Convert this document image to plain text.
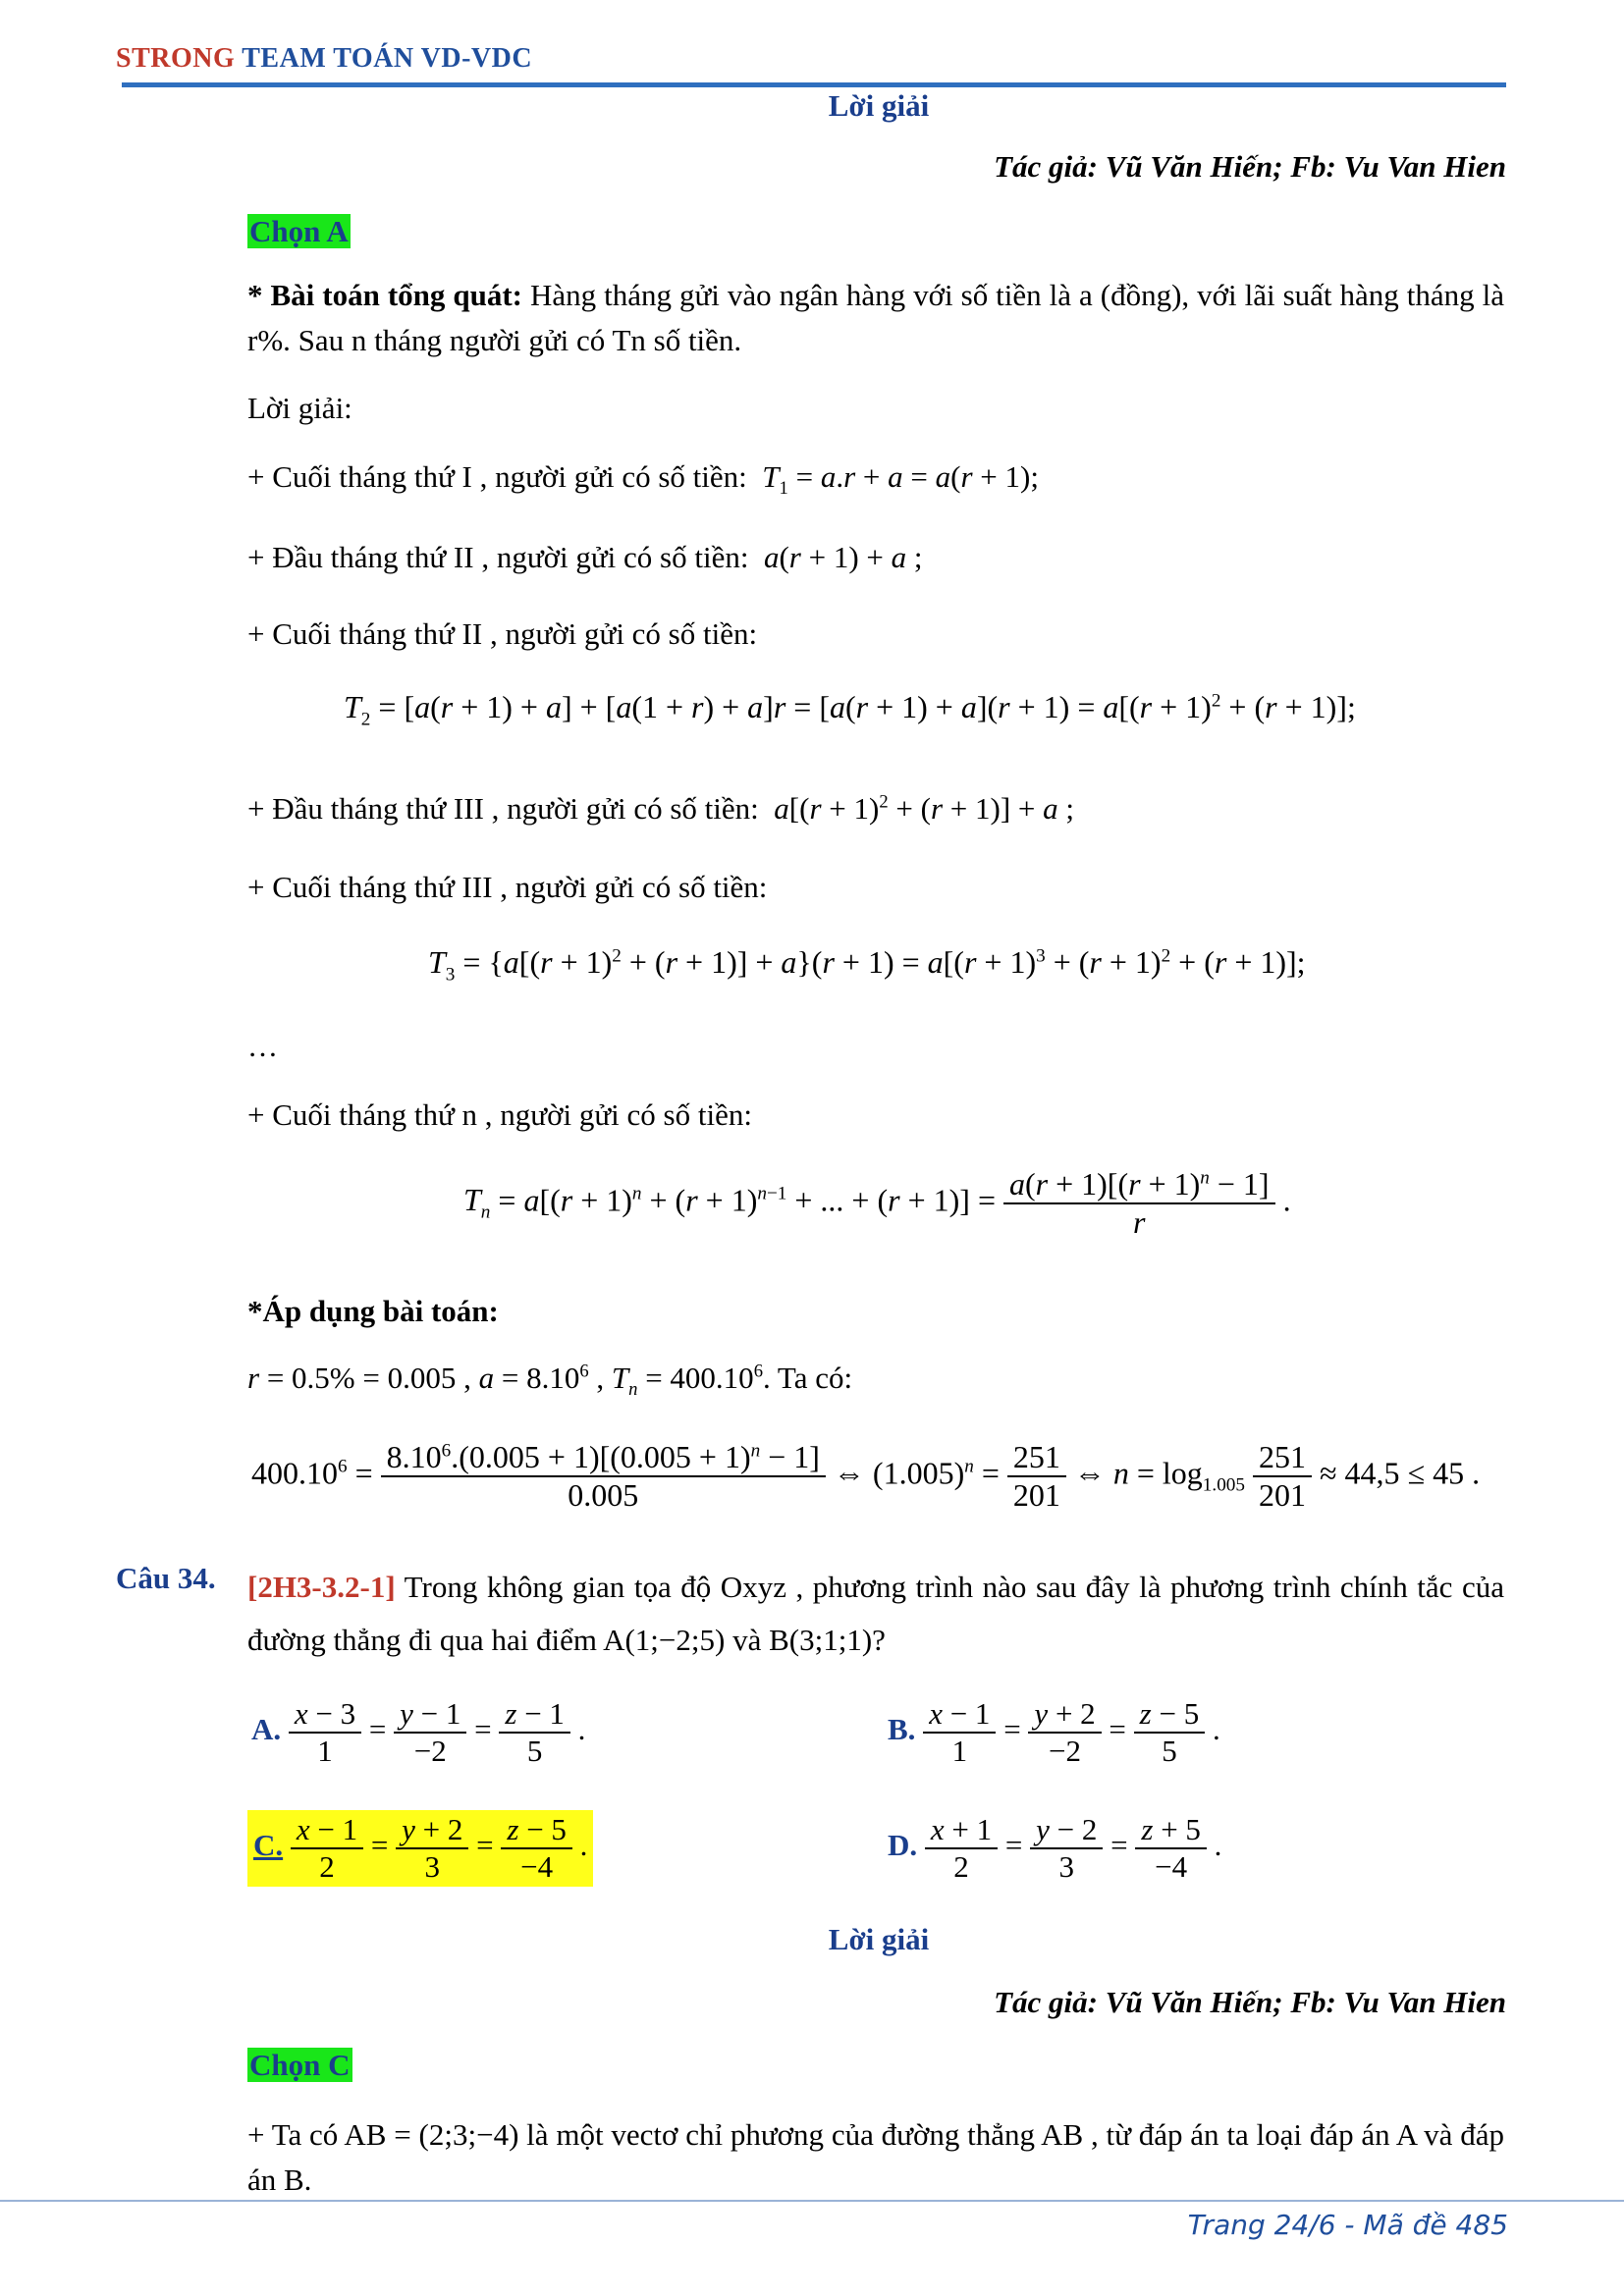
STRONG TEAM TOÁN VD-VDC
Lời giải
Tác giả: Vũ Văn Hiến; Fb: Vu Van Hien
Chọn A
* Bài toán tổng quát: Hàng tháng gửi vào ngân hàng với số tiền là a (đồng), với lãi suất hàng tháng là r%. Sau n tháng người gửi có Tn số tiền.
Lời giải:
+ Cuối tháng thứ I , người gửi có số tiền: $T_1 = a.r + a = a(r + 1)$;
+ Đầu tháng thứ II , người gửi có số tiền: a(r + 1) + a ;
+ Cuối tháng thứ II , người gửi có số tiền:
$T_2 = [a(r + 1) + a] + [a(1 + r) + a]r = [a(r + 1) + a](r + 1) = a[(r + 1)^2 + (r + 1)]$;
+ Đầu tháng thứ III , người gửi có số tiền: $a[(r + 1)^2 + (r + 1)] + a$ ;
+ Cuối tháng thứ III , người gửi có số tiền:
$T_3 = \{a[(r + 1)^2 + (r + 1)] + a\}(r + 1) = a[(r + 1)^3 + (r + 1)^2 + (r + 1)]$;
…
+ Cuối tháng thứ n , người gửi có số tiền:
$T_n = a[(r + 1)^n + (r + 1)^{n-1}$ + ... + $(r + 1)] = \frac{a(r + 1)[(r + 1)^n - 1]}{r}$ .
*Áp dụng bài toán:
r = 0.5% = 0.005 , $a = 8.10^6$ , $T_n = 400.10^6$. Ta có:
$400.10^6 = \frac{8.10^6.(0.005 + 1)[(0.005 + 1)^n - 1]}{0.005}$ ⇔ $(1.005)^n = \frac{251}{201}$ ⇔ $n = \log_{1.005} \frac{251}{201} \approx 44,5 \le 45$ .
Câu 34. [2H3-3.2-1] Trong không gian tọa độ Oxyz , phương trình nào sau đây là phương trình chính tắc của đường thẳng đi qua hai điểm A(1;−2;5) và B(3;1;1)?
A. $\frac{x - 3}{1} = \frac{y - 1}{-2} = \frac{z - 1}{5}$ .	B. $\frac{x - 1}{1} = \frac{y + 2}{-2} = \frac{z - 5}{5}$ .
C. $\frac{x - 1}{2} = \frac{y + 2}{3} = \frac{z - 5}{-4}$ .	D. $\frac{x + 1}{2} = \frac{y - 2}{3} = \frac{z + 5}{-4}$ .
Lời giải
Tác giả: Vũ Văn Hiến; Fb: Vu Van Hien
Chọn C
+ Ta có AB = (2;3;−4) là một vectơ chỉ phương của đường thẳng AB , từ đáp án ta loại đáp án A và đáp án B.
Trang 24/6 - Mã đề 485
